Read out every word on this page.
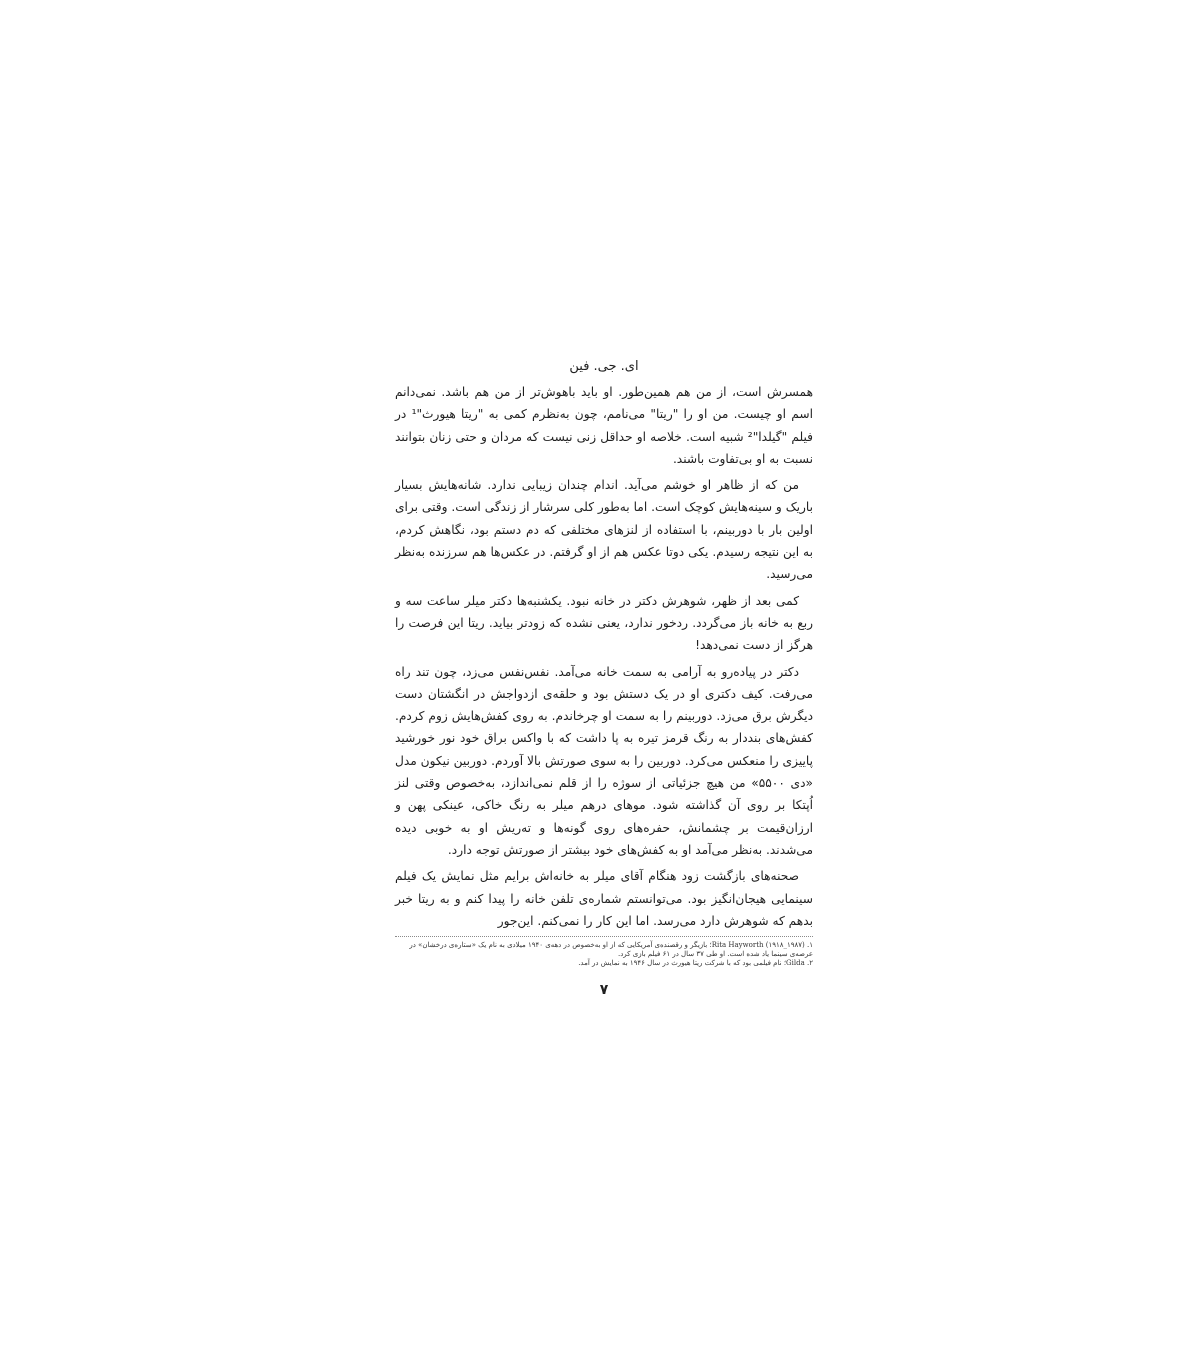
ای. جی. فین

همسرش است، از من هم همین‌طور. او باید باهوش‌تر از من هم باشد. نمی‌دانم اسم او چیست. من او را "ریتا" می‌نامم، چون به‌نظرم کمی به "ریتا هیورث"¹ در فیلم "گیلدا"² شبیه است. خلاصه او حداقل زنی نیست که مردان و حتی زنان بتوانند نسبت به او بی‌تفاوت باشند.

من که از ظاهر او خوشم می‌آید. اندام چندان زیبایی ندارد. شانه‌هایش بسیار باریک و سینه‌هایش کوچک است. اما به‌طور کلی سرشار از زندگی است. وقتی برای اولین بار با دوربینم، با استفاده از لنزهای مختلفی که دم دستم بود، نگاهش کردم، به این نتیجه رسیدم. یکی دوتا عکس هم از او گرفتم. در عکس‌ها هم سرزنده به‌نظر می‌رسید.

کمی بعد از ظهر، شوهرش دکتر در خانه نبود. یکشنبه‌ها دکتر میلر ساعت سه و ربع به خانه باز می‌گردد. ردخور ندارد، یعنی نشده که زودتر بیاید. ریتا این فرصت را هرگز از دست نمی‌دهد!

دکتر در پیاده‌رو به آرامی به سمت خانه می‌آمد. نفس‌نفس می‌زد، چون تند راه می‌رفت. کیف دکتری او در یک دستش بود و حلقه‌ی ازدواجش در انگشتان دست دیگرش برق می‌زد. دوربینم را به سمت او چرخاندم. به روی کفش‌هایش زوم کردم. کفش‌های بنددار به رنگ قرمز تیره به پا داشت که با واکس براق خود نور خورشید پاییزی را منعکس می‌کرد. دوربین را به سوی صورتش بالا آوردم. دوربین نیکون مدل «دی ۵۵۰۰» من هیچ جزئیاتی از سوژه را از قلم نمی‌اندازد، به‌خصوص وقتی لنز اُپتکا بر روی آن گذاشته شود. موهای درهم میلر به رنگ خاکی، عینکی پهن و ارزان‌قیمت بر چشمانش، حفره‌های روی گونه‌ها و ته‌ریش او به خوبی دیده می‌شدند. به‌نظر می‌آمد او به کفش‌های خود بیشتر از صورتش توجه دارد.

صحنه‌های بازگشت زود هنگام آقای میلر به خانه‌اش برایم مثل نمایش یک فیلم سینمایی هیجان‌انگیز بود. می‌توانستم شماره‌ی تلفن خانه را پیدا کنم و به ریتا خبر بدهم که شوهرش دارد می‌رسد. اما این کار را نمی‌کنم. این‌جور

۱. Rita Hayworth (۱۹۱۸_۱۹۸۷)؛ بازیگر و رقصنده‌ی آمریکایی که از او به‌خصوص در دهه‌ی ۱۹۴۰ میلادی به نام یک «ستاره‌ی درخشان» در عرصه‌ی سینما یاد شده است. او طی ۳۷ سال در ۶۱ فیلم بازی کرد.
۲. Gilda؛ نام فیلمی بود که با شرکت ریتا هیورث در سال ۱۹۴۶ به نمایش در آمد.
۷
